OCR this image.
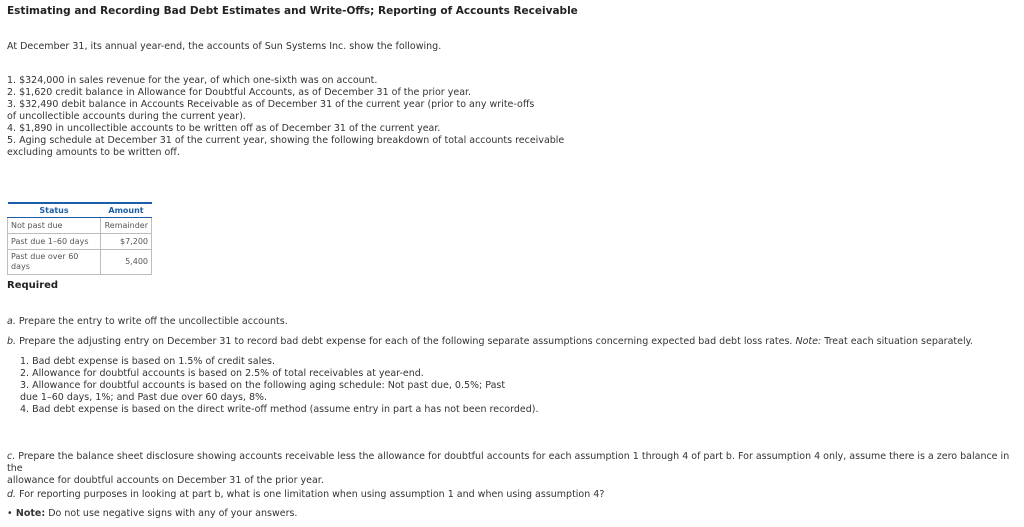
Estimating and Recording Bad Debt Estimates and Write-Offs; Reporting of Accounts Receivable
At December 31, its annual year-end, the accounts of Sun Systems Inc. show the following.
1. $324,000 in sales revenue for the year, of which one-sixth was on account.
2. $1,620 credit balance in Allowance for Doubtful Accounts, as of December 31 of the prior year.
3. $32,490 debit balance in Accounts Receivable as of December 31 of the current year (prior to any write-offs
of uncollectible accounts during the current year).
4. $1,890 in uncollectible accounts to be written off as of December 31 of the current year.
5. Aging schedule at December 31 of the current year, showing the following breakdown of total accounts receivable
excluding amounts to be written off.
Status	Amount
Not past due	Remainder
Past due 1–60 days	$7,200
Past due over 60 days	5,400
Required
a. Prepare the entry to write off the uncollectible accounts.
b. Prepare the adjusting entry on December 31 to record bad debt expense for each of the following separate assumptions concerning expected bad debt loss rates. Note: Treat each situation separately.
1. Bad debt expense is based on 1.5% of credit sales.
2. Allowance for doubtful accounts is based on 2.5% of total receivables at year-end.
3. Allowance for doubtful accounts is based on the following aging schedule: Not past due, 0.5%; Past
due 1–60 days, 1%; and Past due over 60 days, 8%.
4. Bad debt expense is based on the direct write-off method (assume entry in part a has not been recorded).
c. Prepare the balance sheet disclosure showing accounts receivable less the allowance for doubtful accounts for each assumption 1 through 4 of part b. For assumption 4 only, assume there is a zero balance in the
allowance for doubtful accounts on December 31 of the prior year.
d. For reporting purposes in looking at part b, what is one limitation when using assumption 1 and when using assumption 4?
• Note: Do not use negative signs with any of your answers.
